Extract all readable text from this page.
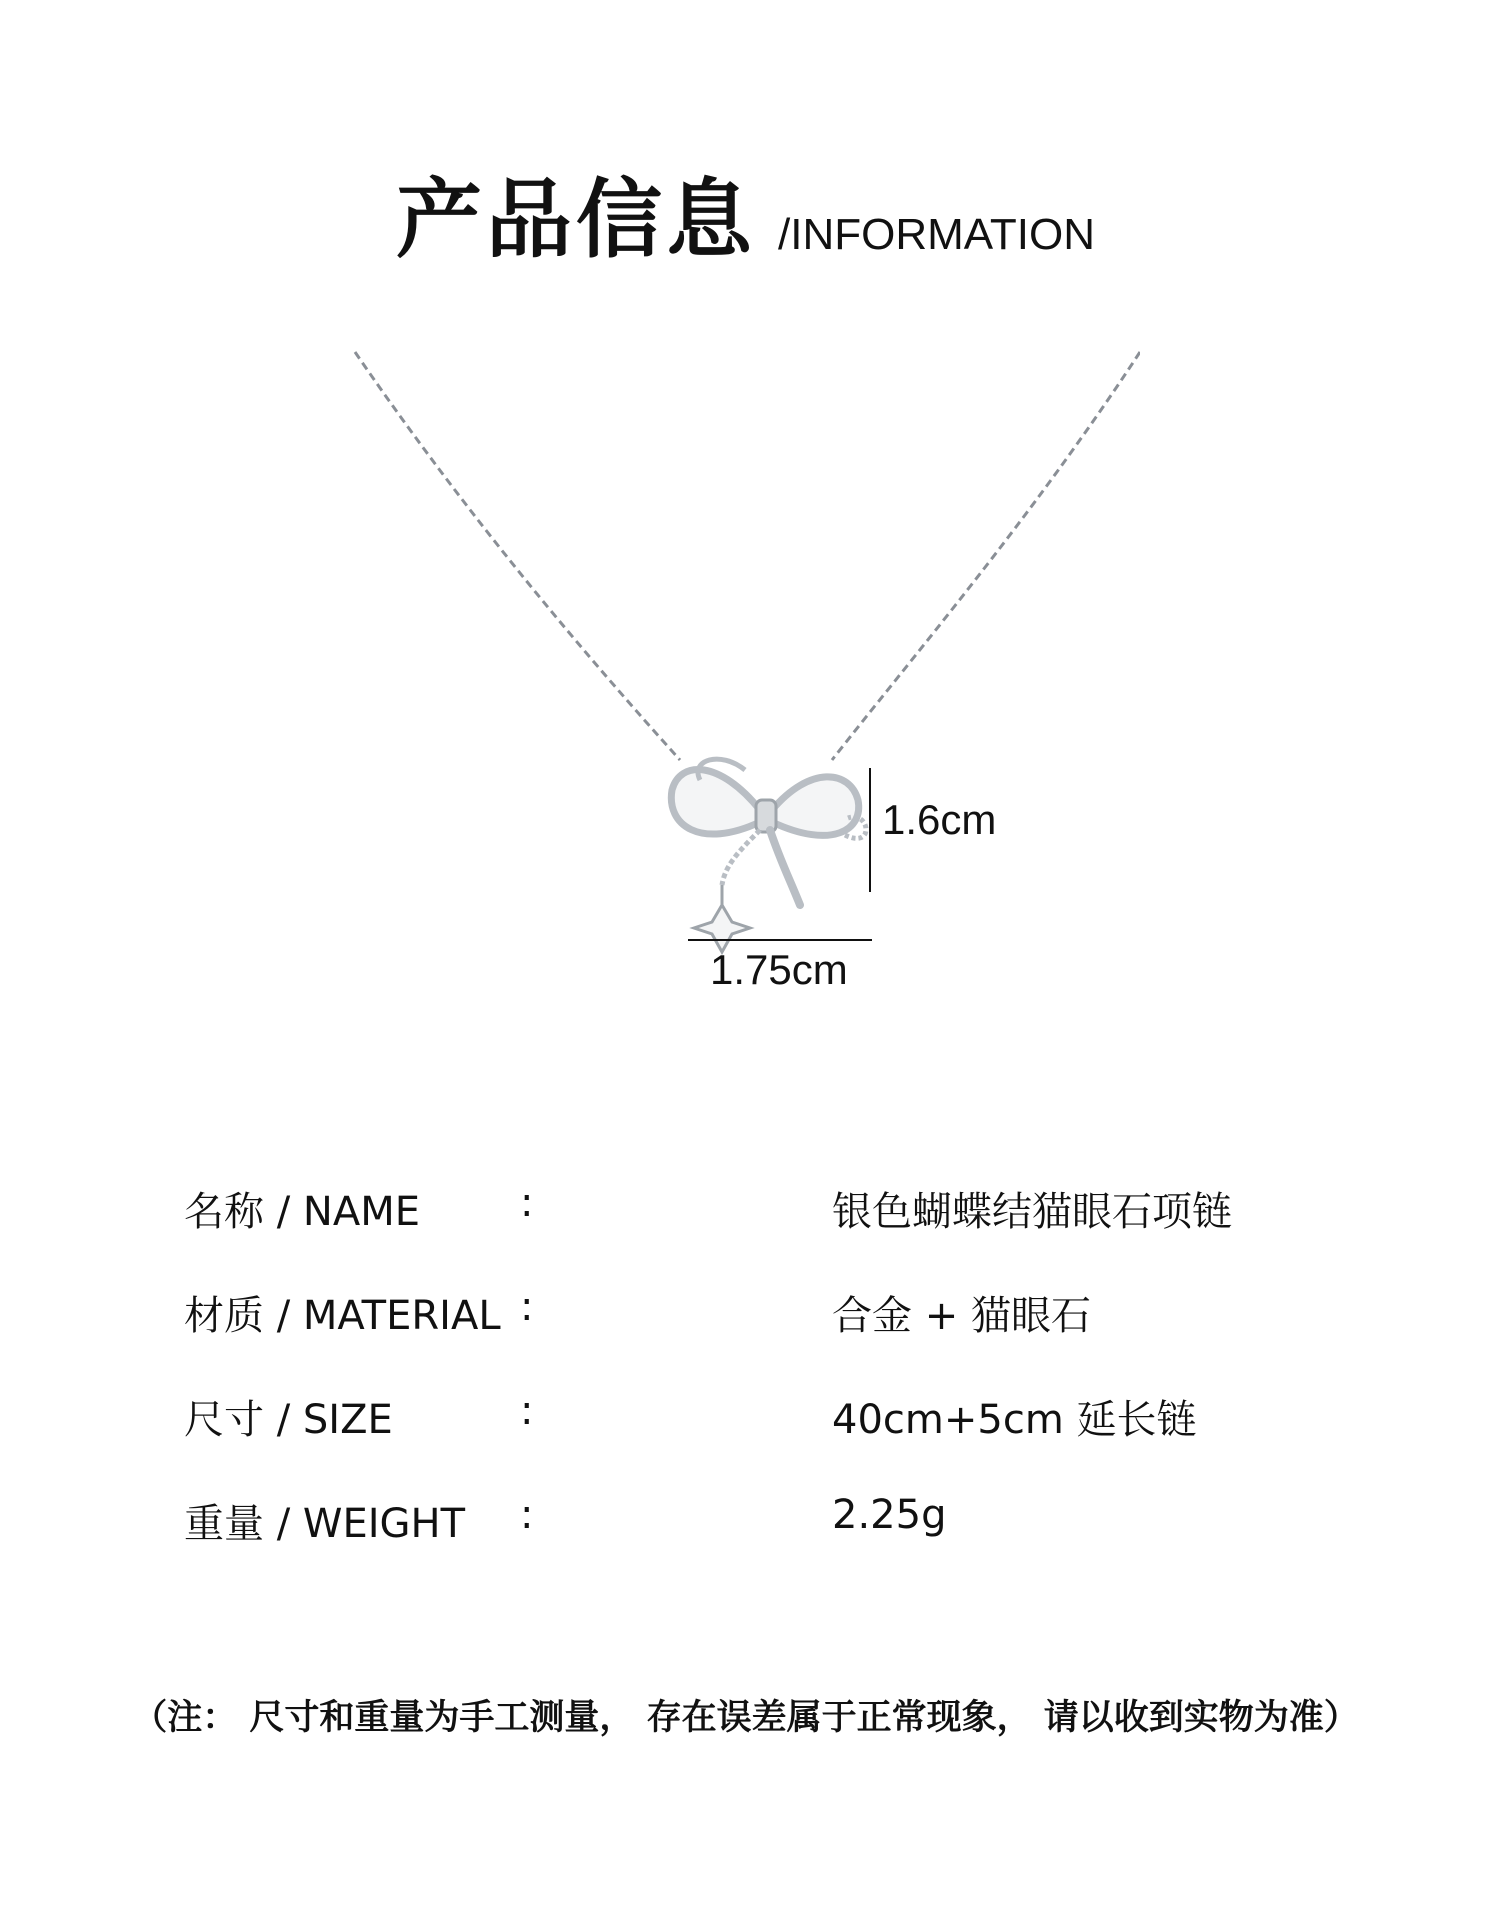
产品信息 /INFORMATION
1.6cm
1.75cm
名称 / NAME	:	银色蝴蝶结猫眼石项链
材质 / MATERIAL :	合金 + 猫眼石
尺寸 / SIZE	:	40cm+5cm 延长链
重量 / WEIGHT :	2.25g
（注： 尺寸和重量为手工测量， 存在误差属于正常现象， 请以收到实物为准）
